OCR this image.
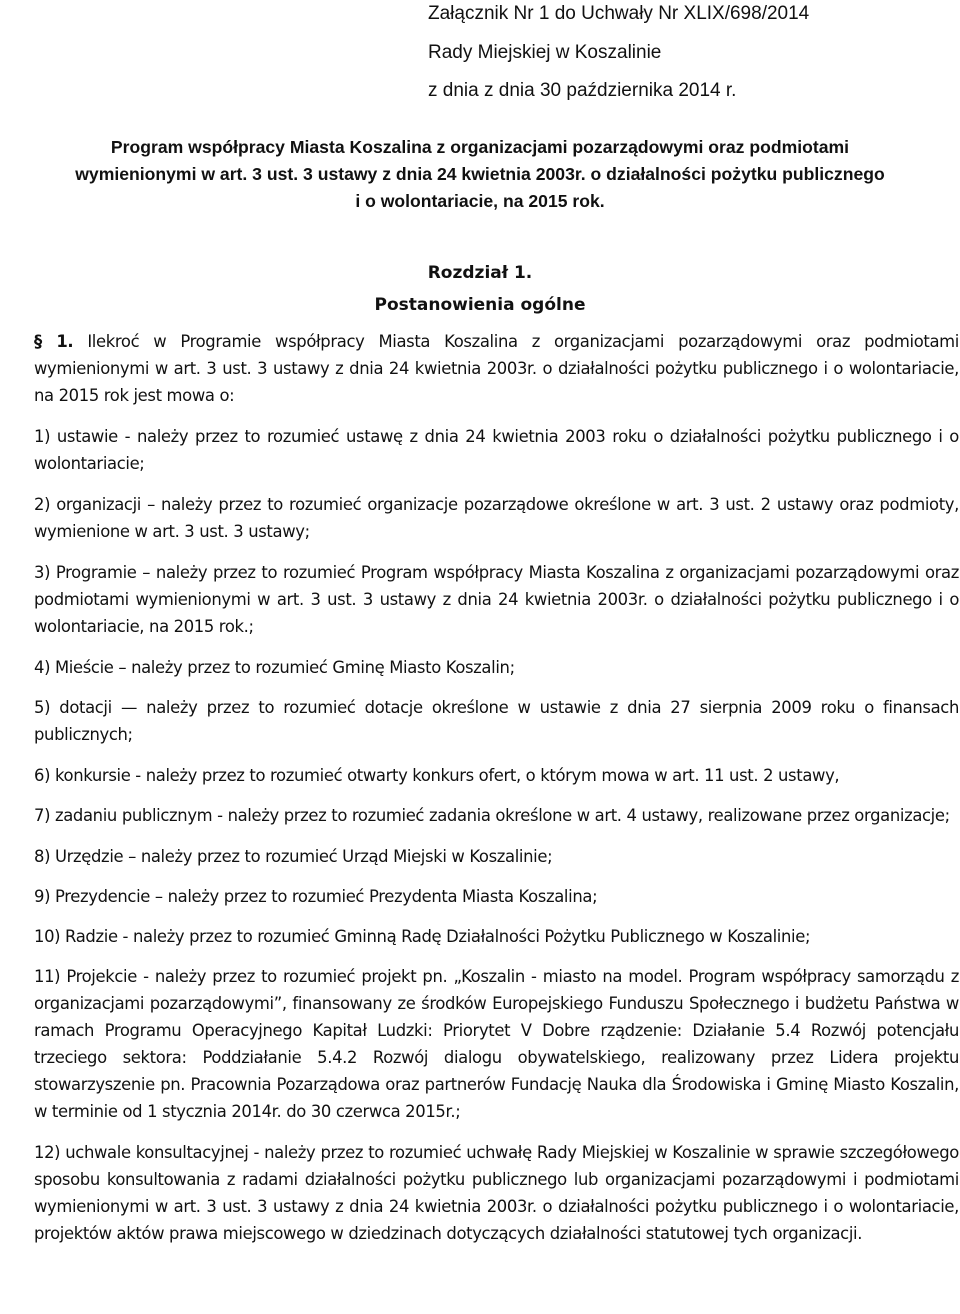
Załącznik Nr 1 do Uchwały Nr XLIX/698/2014

Rady Miejskiej w Koszalinie

z dnia z dnia 30 października 2014 r.

Program współpracy Miasta Koszalina z organizacjami pozarządowymi oraz podmiotami
wymienionymi w art. 3 ust. 3 ustawy z dnia 24 kwietnia 2003r. o działalności pożytku publicznego
i o wolontariacie, na 2015 rok.
Rozdział 1.
Postanowienia ogólne

§ 1. Ilekroć w Programie współpracy Miasta Koszalina z organizacjami pozarządowymi oraz podmiotami wymienionymi w art. 3 ust. 3 ustawy z dnia 24 kwietnia 2003r. o działalności pożytku publicznego i o wolontariacie, na 2015 rok jest mowa o:

1) ustawie - należy przez to rozumieć ustawę z dnia 24 kwietnia 2003 roku o działalności pożytku publicznego i o wolontariacie;
2) organizacji – należy przez to rozumieć organizacje pozarządowe określone w art. 3 ust. 2 ustawy oraz podmioty, wymienione w art. 3 ust. 3 ustawy;
3) Programie – należy przez to rozumieć Program współpracy Miasta Koszalina z organizacjami pozarządowymi oraz podmiotami wymienionymi w art. 3 ust. 3 ustawy z dnia 24 kwietnia 2003r. o działalności pożytku publicznego i o wolontariacie, na 2015 rok.;
4) Mieście – należy przez to rozumieć Gminę Miasto Koszalin;
5) dotacji — należy przez to rozumieć dotacje określone w ustawie z dnia 27 sierpnia 2009 roku o finansach publicznych;
6) konkursie - należy przez to rozumieć otwarty konkurs ofert, o którym mowa w art. 11 ust. 2 ustawy,
7) zadaniu publicznym - należy przez to rozumieć zadania określone w art. 4 ustawy, realizowane przez organizacje;
8) Urzędzie – należy przez to rozumieć Urząd Miejski w Koszalinie;
9) Prezydencie – należy przez to rozumieć Prezydenta Miasta Koszalina;
10) Radzie - należy przez to rozumieć Gminną Radę Działalności Pożytku Publicznego w Koszalinie;
11) Projekcie - należy przez to rozumieć projekt pn. „Koszalin - miasto na model. Program współpracy samorządu z organizacjami pozarządowymi”, finansowany ze środków Europejskiego Funduszu Społecznego i budżetu Państwa w ramach Programu Operacyjnego Kapitał Ludzki: Priorytet V Dobre rządzenie: Działanie 5.4 Rozwój potencjału trzeciego sektora: Poddziałanie 5.4.2 Rozwój dialogu obywatelskiego, realizowany przez Lidera projektu stowarzyszenie pn. Pracownia Pozarządowa oraz partnerów Fundację Nauka dla Środowiska i Gminę Miasto Koszalin, w terminie od 1 stycznia 2014r. do 30 czerwca 2015r.;
12) uchwale konsultacyjnej - należy przez to rozumieć uchwałę Rady Miejskiej w Koszalinie w sprawie szczegółowego sposobu konsultowania z radami działalności pożytku publicznego lub organizacjami pozarządowymi i podmiotami wymienionymi w art. 3 ust. 3 ustawy z dnia 24 kwietnia 2003r. o działalności pożytku publicznego i o wolontariacie, projektów aktów prawa miejscowego w dziedzinach dotyczących działalności statutowej tych organizacji.
